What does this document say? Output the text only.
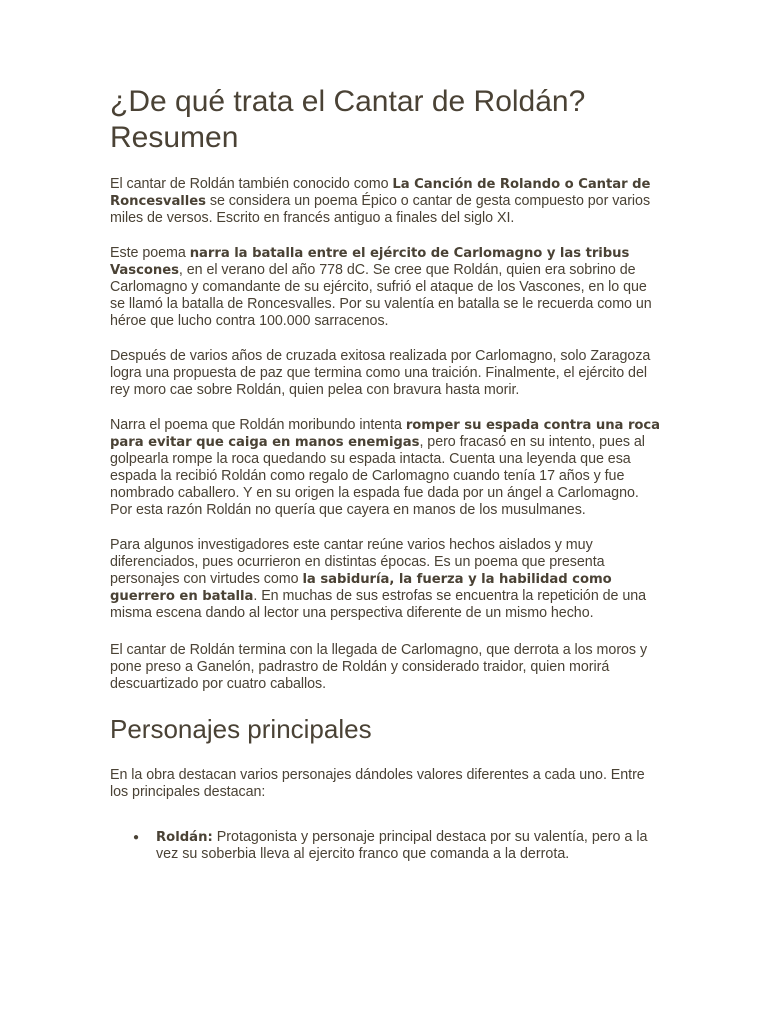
¿De qué trata el Cantar de Roldán?
Resumen

El cantar de Roldán también conocido como La Canción de Rolando o Cantar de Roncesvalles se considera un poema Épico o cantar de gesta compuesto por varios miles de versos. Escrito en francés antiguo a finales del siglo XI.

Este poema narra la batalla entre el ejército de Carlomagno y las tribus Vascones, en el verano del año 778 dC. Se cree que Roldán, quien era sobrino de Carlomagno y comandante de su ejército, sufrió el ataque de los Vascones, en lo que se llamó la batalla de Roncesvalles. Por su valentía en batalla se le recuerda como un héroe que lucho contra 100.000 sarracenos.

Después de varios años de cruzada exitosa realizada por Carlomagno, solo Zaragoza logra una propuesta de paz que termina como una traición. Finalmente, el ejército del rey moro cae sobre Roldán, quien pelea con bravura hasta morir.

Narra el poema que Roldán moribundo intenta romper su espada contra una roca para evitar que caiga en manos enemigas, pero fracasó en su intento, pues al golpearla rompe la roca quedando su espada intacta. Cuenta una leyenda que esa espada la recibió Roldán como regalo de Carlomagno cuando tenía 17 años y fue nombrado caballero. Y en su origen la espada fue dada por un ángel a Carlomagno. Por esta razón Roldán no quería que cayera en manos de los musulmanes.

Para algunos investigadores este cantar reúne varios hechos aislados y muy diferenciados, pues ocurrieron en distintas épocas. Es un poema que presenta personajes con virtudes como la sabiduría, la fuerza y la habilidad como guerrero en batalla. En muchas de sus estrofas se encuentra la repetición de una misma escena dando al lector una perspectiva diferente de un mismo hecho.

El cantar de Roldán termina con la llegada de Carlomagno, que derrota a los moros y pone preso a Ganelón, padrastro de Roldán y considerado traidor, quien morirá descuartizado por cuatro caballos.

Personajes principales

En la obra destacan varios personajes dándoles valores diferentes a cada uno. Entre los principales destacan:

● Roldán: Protagonista y personaje principal destaca por su valentía, pero a la vez su soberbia lleva al ejercito franco que comanda a la derrota.
